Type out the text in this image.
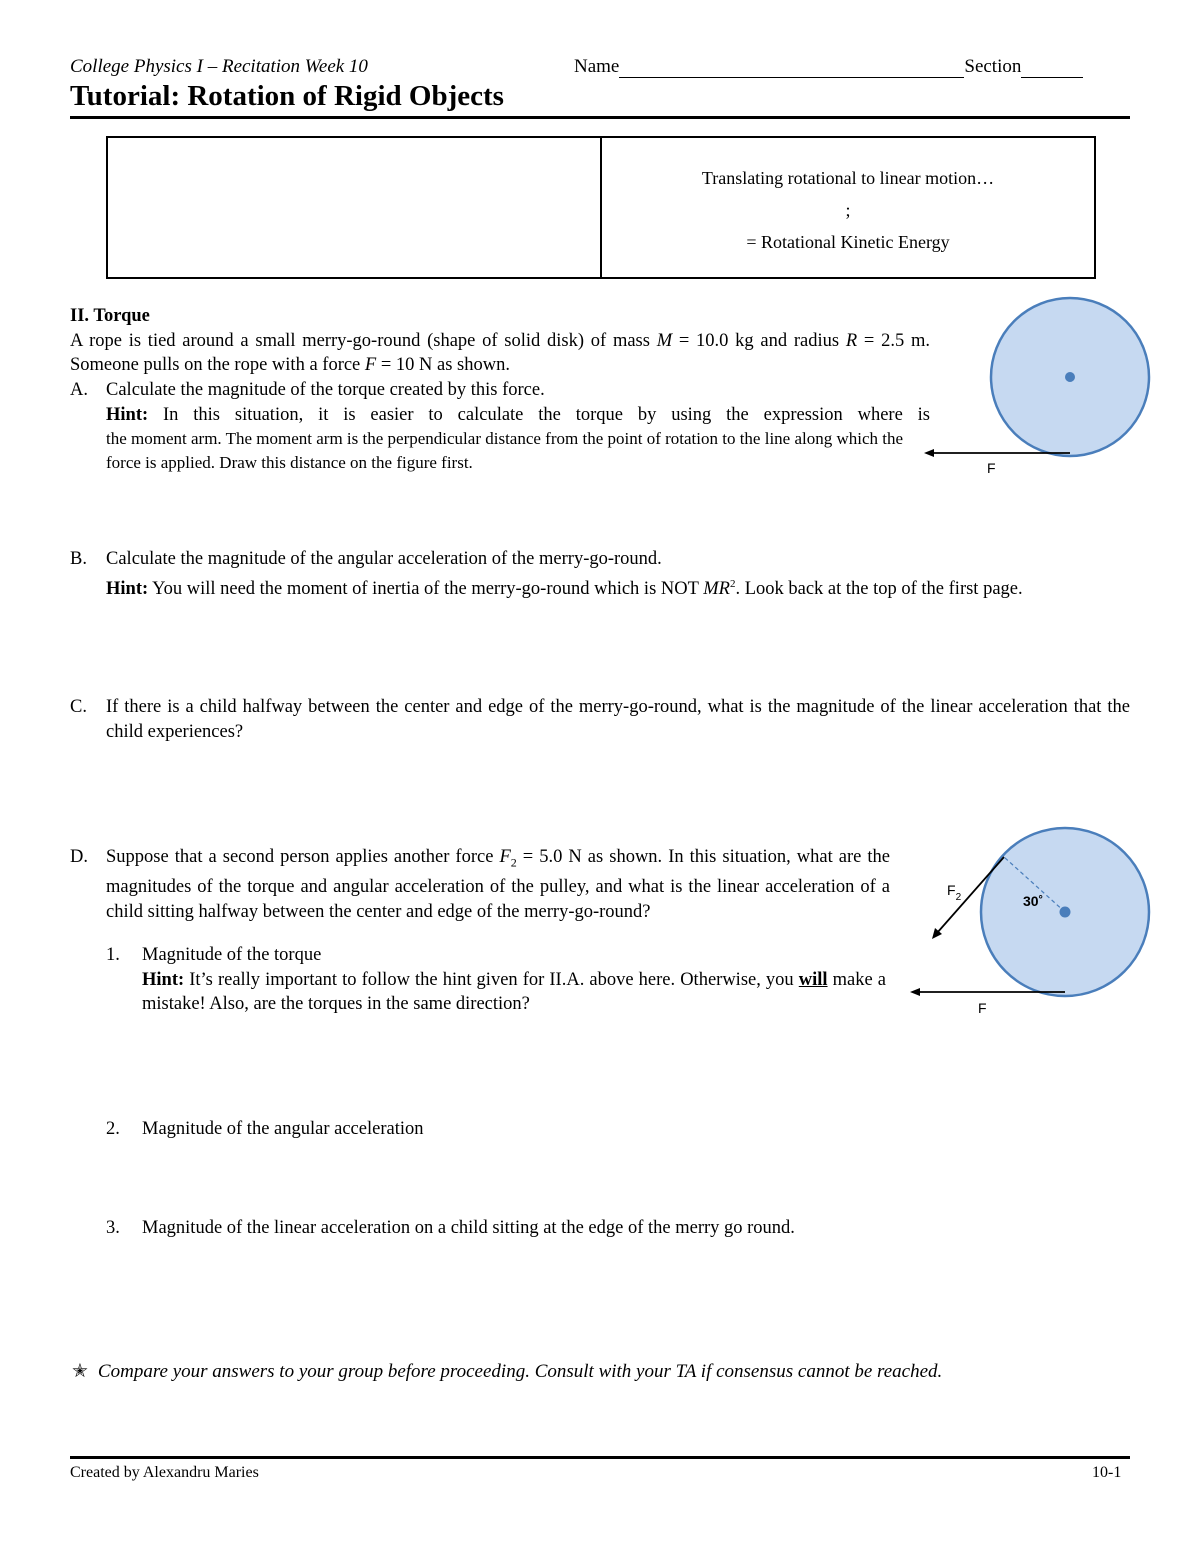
College Physics I – Recitation Week 10	Name	Section
Tutorial: Rotation of Rigid Objects
Translating rotational to linear motion…
;
= Rotational Kinetic Energy
II. Torque
A rope is tied around a small merry-go-round (shape of solid disk) of mass M = 10.0 kg and radius R = 2.5 m. Someone pulls on the rope with a force F = 10 N as shown.
A. Calculate the magnitude of the torque created by this force.
Hint: In this situation, it is easier to calculate the torque by using the expression where is
the moment arm. The moment arm is the perpendicular distance from the point of rotation to the line along which the force is applied. Draw this distance on the figure first.	F
B. Calculate the magnitude of the angular acceleration of the merry-go-round.
Hint: You will need the moment of inertia of the merry-go-round which is NOT $MR^2$. Look back at the top of the first page.
C. If there is a child halfway between the center and edge of the merry-go-round, what is the magnitude of the linear acceleration that the child experiences?
D. Suppose that a second person applies another force $F_2 = 5.0$ N as shown. In this situation, what are the magnitudes of the torque and angular acceleration of the pulley, and what is the linear acceleration of a child sitting halfway between the center and edge of the merry-go-round?
1. Magnitude of the torque
Hint: It’s really important to follow the hint given for II.A. above here. Otherwise, you will make a mistake! Also, are the torques in the same direction?
2. Magnitude of the angular acceleration
3. Magnitude of the linear acceleration on a child sitting at the edge of the merry go round.
$F_2$	30˚
F
✭ Compare your answers to your group before proceeding. Consult with your TA if consensus cannot be reached.
Created by Alexandru Maries	10-1
